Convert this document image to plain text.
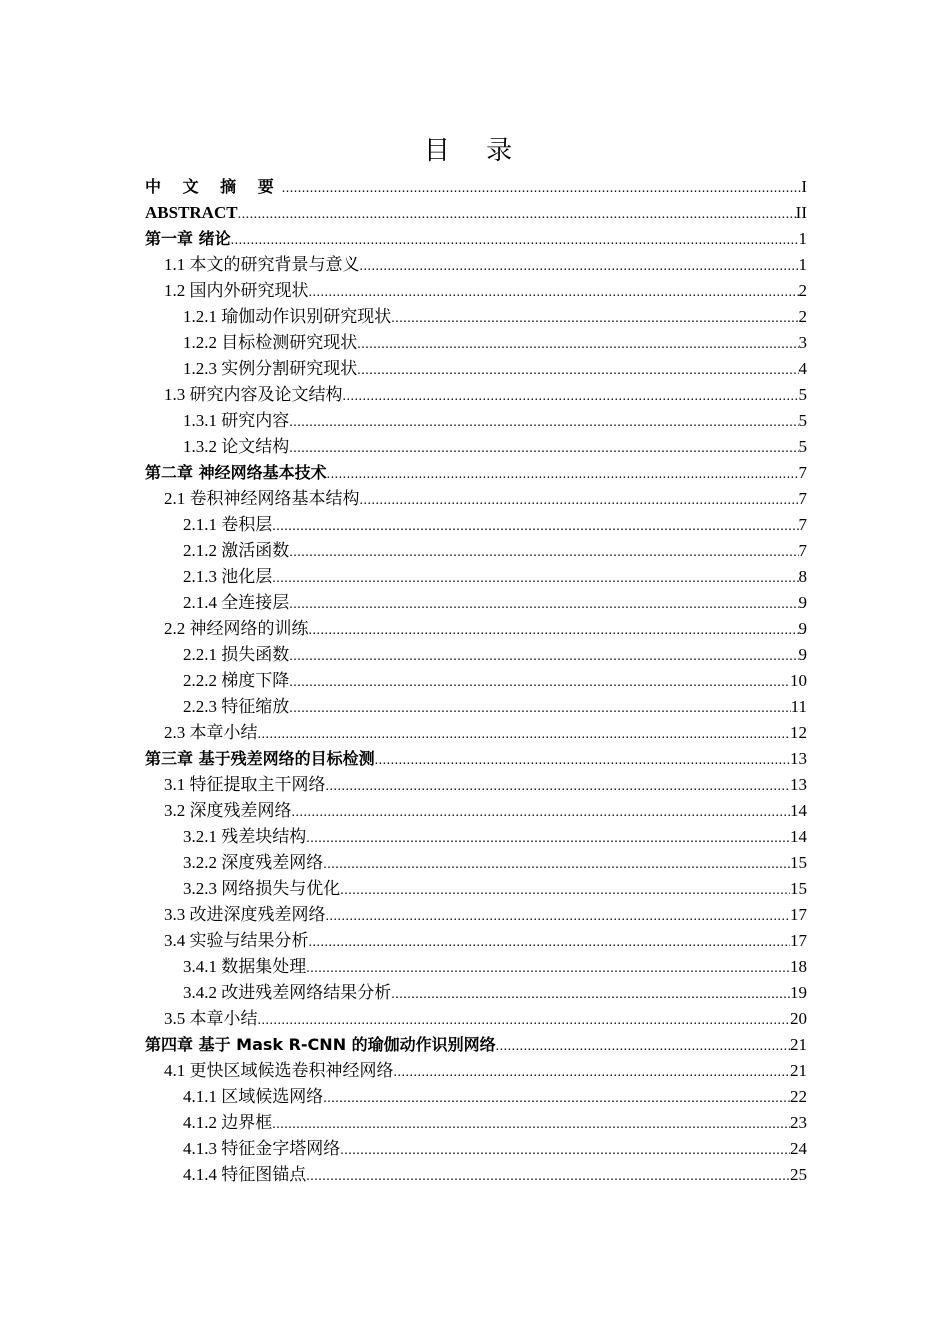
目 录
中 文 摘 要 .....	I
ABSTRACT .....	II
第一章 绪论 .....	1
1.1 本文的研究背景与意义 .....	1
1.2 国内外研究现状 .....	2
1.2.1 瑜伽动作识别研究现状 .....	2
1.2.2 目标检测研究现状 .....	3
1.2.3 实例分割研究现状 .....	4
1.3 研究内容及论文结构 .....	5
1.3.1 研究内容 .....	5
1.3.2 论文结构 .....	5
第二章 神经网络基本技术 .....	7
2.1 卷积神经网络基本结构 .....	7
2.1.1 卷积层 .....	7
2.1.2 激活函数 .....	7
2.1.3 池化层 .....	8
2.1.4 全连接层 .....	9
2.2 神经网络的训练 .....	9
2.2.1 损失函数 .....	9
2.2.2 梯度下降 .....	10
2.2.3 特征缩放 .....	11
2.3 本章小结 .....	12
第三章 基于残差网络的目标检测 .....	13
3.1 特征提取主干网络 .....	13
3.2 深度残差网络 .....	14
3.2.1 残差块结构 .....	14
3.2.2 深度残差网络 .....	15
3.2.3 网络损失与优化 .....	15
3.3 改进深度残差网络 .....	17
3.4 实验与结果分析 .....	17
3.4.1 数据集处理 .....	18
3.4.2 改进残差网络结果分析 .....	19
3.5 本章小结 .....	20
第四章 基于 Mask R-CNN 的瑜伽动作识别网络 .....	21
4.1 更快区域候选卷积神经网络 .....	21
4.1.1 区域候选网络 .....	22
4.1.2 边界框 .....	23
4.1.3 特征金字塔网络 .....	24
4.1.4 特征图锚点 .....	25
